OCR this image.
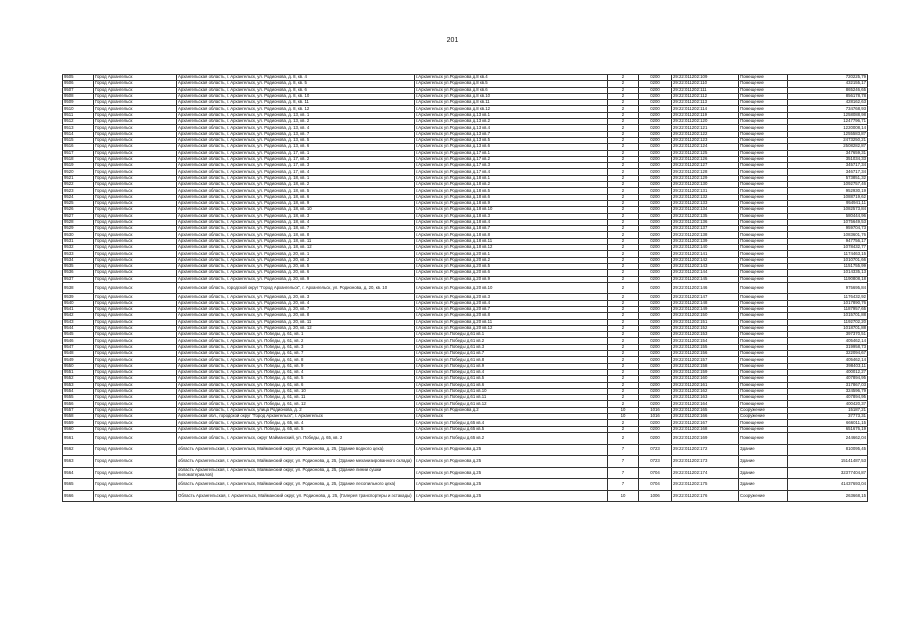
201
9505	Город Архангельск	Архангельская область, г. Архангельск, ул. Родионова, д. 8, кв. 4	г.Архангельск ул.Родионова д.8 кв.4	2	0200	29:22:011202:109	Помещение	720225,79
9506	Город Архангельск	Архангельская область, г. Архангельск, ул. Родионова, д. 8, кв. 5	г.Архангельск ул.Родионова д.8 кв.5	2	0200	29:22:011202:110	Помещение	432155,17
9507	Город Архангельск	Архангельская область, г. Архангельск, ул. Родионова, д. 8, кв. 6	г.Архангельск ул.Родионова д.8 кв.6	2	0200	29:22:011202:111	Помещение	865246,65
9508	Город Архангельск	Архангельская область, г. Архангельск, ул. Родионова, д. 8, кв. 10	г.Архангельск ул.Родионова д.8 кв.10	2	0200	29:22:011202:112	Помещение	856178,78
9509	Город Архангельск	Архангельская область, г. Архангельск, ул. Родионова, д. 8, кв. 11	г.Архангельск ул.Родионова д.8 кв.11	2	0200	29:22:011202:113	Помещение	428162,63
9510	Город Архангельск	Архангельская область, г. Архангельск, ул. Родионова, д. 8, кв. 12	г.Архангельск ул.Родионова д.8 кв.12	2	0200	29:22:011202:114	Помещение	734768,93
9511	Город Архангельск	Архангельская область, г. Архангельск, ул. Родионова, д. 13, кв. 1	г.Архангельск ул.Родионова д.13 кв.1	2	0200	29:22:011202:119	Помещение	1258088,98
9512	Город Архангельск	Архангельская область, г. Архангельск, ул. Родионова, д. 13, кв. 2	г.Архангельск ул.Родионова д.13 кв.2	2	0200	29:22:011202:120	Помещение	1247796,71
9513	Город Архангельск	Архангельская область, г. Архангельск, ул. Родионова, д. 13, кв. 4	г.Архангельск ул.Родионова д.13 кв.4	2	0200	29:22:011202:121	Помещение	1220008,14
9514	Город Архангельск	Архангельская область, г. Архангельск, ул. Родионова, д. 13, кв. 7	г.Архангельск ул.Родионова д.13 кв.7	2	0200	29:22:011202:122	Помещение	1255583,87
9515	Город Архангельск	Архангельская область, г. Архангельск, ул. Родионова, д. 13, кв. 5	г.Архангельск ул.Родионова д.13 кв.5	2	0200	29:22:011202:123	Помещение	2473250,21
9516	Город Архангельск	Архангельская область, г. Архангельск, ул. Родионова, д. 13, кв. 6	г.Архангельск ул.Родионова д.13 кв.6	2	0200	29:22:011202:124	Помещение	2508282,87
9517	Город Архангельск	Архангельская область, г. Архангельск, ул. Родионова, д. 17, кв. 1	г.Архангельск ул.Родионова д.17 кв.1	2	0200	29:22:011202:125	Помещение	347659,31
9518	Город Архангельск	Архангельская область, г. Архангельск, ул. Родионова, д. 17, кв. 2	г.Архангельск ул.Родионова д.17 кв.2	2	0200	29:22:011202:126	Помещение	351034,33
9519	Город Архангельск	Архангельская область, г. Архангельск, ул. Родионова, д. 17, кв. 3	г.Архангельск ул.Родионова д.17 кв.3	2	0200	29:22:011202:127	Помещение	345717,34
9520	Город Архангельск	Архангельская область, г. Архангельск, ул. Родионова, д. 17, кв. 4	г.Архангельск ул.Родионова д.17 кв.4	2	0200	29:22:011202:128	Помещение	346717,34
9521	Город Архангельск	Архангельская область, г. Архангельск, ул. Родионова, д. 18, кв. 1	г.Архангельск ул.Родионова д.18 кв.1	2	0200	29:22:011202:129	Помещение	573851,32
9522	Город Архангельск	Архангельская область, г. Архангельск, ул. Родионова, д. 18, кв. 2	г.Архангельск ул.Родионова д.18 кв.2	2	0200	29:22:011202:130	Помещение	1092757,46
9523	Город Архангельск	Архангельская область, г. Архангельск, ул. Родионова, д. 18, кв. 5	г.Архангельск ул.Родионова д.18 кв.5	2	0200	29:22:011202:131	Помещение	952930,19
9524	Город Архангельск	Архангельская область, г. Архангельск, ул. Родионова, д. 18, кв. 6	г.Архангельск ул.Родионова д.18 кв.6	2	0200	29:22:011202:132	Помещение	1088719,62
9525	Город Архангельск	Архангельская область, г. Архангельск, ул. Родионова, д. 18, кв. 9	г.Архангельск ул.Родионова д.18 кв.9	2	0200	29:22:011202:133	Помещение	954941,11
9526	Город Архангельск	Архангельская область, г. Архангельск, ул. Родионова, д. 18, кв. 10	г.Архангельск ул.Родионова д.18 кв.10	2	0200	29:22:011202:134	Помещение	1082573,84
9527	Город Архангельск	Архангельская область, г. Архангельск, ул. Родионова, д. 18, кв. 3	г.Архангельск ул.Родионова д.18 кв.3	2	0200	29:22:011202:135	Помещение	580444,96
9528	Город Архангельск	Архангельская область, г. Архангельск, ул. Родионова, д. 18, кв. 4	г.Архангельск ул.Родионова д.18 кв.4	2	0200	29:22:011202:136	Помещение	1075649,53
9529	Город Архангельск	Архангельская область, г. Архангельск, ул. Родионова, д. 18, кв. 7	г.Архангельск ул.Родионова д.18 кв.7	2	0200	29:22:011202:137	Помещение	959704,73
9530	Город Архангельск	Архангельская область, г. Архангельск, ул. Родионова, д. 18, кв. 8	г.Архангельск ул.Родионова д.18 кв.8	2	0200	29:22:011202:138	Помещение	1083601,76
9531	Город Архангельск	Архангельская область, г. Архангельск, ул. Родионова, д. 18, кв. 11	г.Архангельск ул.Родионова д.18 кв.11	2	0200	29:22:011202:139	Помещение	947756,17
9532	Город Архангельск	Архангельская область, г. Архангельск, ул. Родионова, д. 18, кв. 12	г.Архангельск ул.Родионова д.18 кв.12	2	0200	29:22:011202:140	Помещение	1078432,77
9533	Город Архангельск	Архангельская область, г. Архангельск, ул. Родионова, д. 20, кв. 1	г.Архангельск ул.Родионова д.20 кв.1	2	0200	29:22:011202:141	Помещение	1174463,15
9534	Город Архангельск	Архангельская область, г. Архангельск, ул. Родионова, д. 20, кв. 2	г.Архангельск ул.Родионова д.20 кв.2	2	0200	29:22:011202:142	Помещение	1010701,66
9535	Город Архангельск	Архангельская область, г. Архангельск, ул. Родионова, д. 20, кв. 5	г.Архангельск ул.Родионова д.20 кв.5	2	0200	29:22:011202:143	Помещение	1151755,99
9536	Город Архангельск	Архангельская область, г. Архангельск, ул. Родионова, д. 20, кв. 6	г.Архангельск ул.Родионова д.20 кв.6	2	0200	29:22:011202:144	Помещение	1014335,13
9537	Город Архангельск	Архангельская область, г. Архангельск, ул. Родионова, д. 20, кв. 9	г.Архангельск ул.Родионова д.20 кв.9	2	0200	29:22:011202:145	Помещение	1190808,18
9538	Город Архангельск	Архангельская область, городской округ "Город Архангельск", г. Архангельск, ул. Родионова, д. 20, кв. 10	г.Архангельск ул.Родионова д.20 кв.10	2	0200	29:22:011202:146	Помещение	975695,84
9539	Город Архангельск	Архангельская область, г. Архангельск, ул. Родионова, д. 20, кв. 3	г.Архангельск ул.Родионова д.20 кв.3	2	0200	29:22:011202:147	Помещение	1176432,92
9540	Город Архангельск	Архангельская область, г. Архангельск, ул. Родионова, д. 20, кв. 4	г.Архангельск ул.Родионова д.20 кв.4	2	0200	29:22:011202:148	Помещение	1017890,76
9541	Город Архангельск	Архангельская область, г. Архангельск, ул. Родионова, д. 20, кв. 7	г.Архангельск ул.Родионова д.20 кв.7	2	0200	29:22:011202:149	Помещение	1187957,65
9542	Город Архангельск	Архангельская область, г. Архангельск, ул. Родионова, д. 20, кв. 8	г.Архангельск ул.Родионова д.20 кв.8	2	0200	29:22:011202:150	Помещение	1015701,88
9543	Город Архангельск	Архангельская область, г. Архангельск, ул. Родионова, д. 20, кв. 11	г.Архангельск ул.Родионова д.20 кв.11	2	0200	29:22:011202:151	Помещение	1192702,20
9544	Город Архангельск	Архангельская область, г. Архангельск, ул. Родионова, д. 20, кв. 12	г.Архангельск ул.Родионова д.20 кв.12	2	0200	29:22:011202:152	Помещение	1018701,88
9545	Город Архангельск	Архангельская область, г. Архангельск, ул. Победы, д. 61, кв. 1	г.Архангельск ул.Победы д.61 кв.1	2	0200	29:22:011202:153	Помещение	397370,51
9546	Город Архангельск	Архангельская область, г. Архангельск, ул. Победы, д. 61, кв. 2	г.Архангельск ул.Победы д.61 кв.2	2	0200	29:22:011202:154	Помещение	405462,14
9547	Город Архангельск	Архангельская область, г. Архангельск, ул. Победы, д. 61, кв. 3	г.Архангельск ул.Победы д.61 кв.3	2	0200	29:22:011202:155	Помещение	319958,73
9548	Город Архангельск	Архангельская область, г. Архангельск, ул. Победы, д. 61, кв. 7	г.Архангельск ул.Победы д.61 кв.7	2	0200	29:22:011202:156	Помещение	322094,67
9549	Город Архангельск	Архангельская область, г. Архангельск, ул. Победы, д. 61, кв. 8	г.Архангельск ул.Победы д.61 кв.8	2	0200	29:22:011202:157	Помещение	405462,14
9550	Город Архангельск	Архангельская область, г. Архангельск, ул. Победы, д. 61, кв. 9	г.Архангельск ул.Победы д.61 кв.9	2	0200	29:22:011202:158	Помещение	398403,11
9551	Город Архангельск	Архангельская область, г. Архангельск, ул. Победы, д. 61, кв. 4	г.Архангельск ул.Победы д.61 кв.4	2	0200	29:22:011202:159	Помещение	400012,27
9552	Город Архангельск	Архангельская область, г. Архангельск, ул. Победы, д. 61, кв. 5	г.Архангельск ул.Победы д.61 кв.5	2	0200	29:22:011202:160	Помещение	407894,95
9553	Город Архангельск	Архангельская область, г. Архангельск, ул. Победы, д. 61, кв. 6	г.Архангельск ул.Победы д.61 кв.6	2	0200	29:22:011202:161	Помещение	317867,03
9554	Город Архангельск	Архангельская область, г. Архангельск, ул. Победы, д. 61, кв. 10	г.Архангельск ул.Победы д.61 кв.10	2	0200	29:22:011202:162	Помещение	324596,79
9555	Город Архангельск	Архангельская область, г. Архангельск, ул. Победы, д. 61, кв. 11	г.Архангельск ул.Победы д.61 кв.11	2	0200	29:22:011202:163	Помещение	407894,95
9556	Город Архангельск	Архангельская область, г. Архангельск, ул. Победы, д. 61, кв. 12	г.Архангельск ул.Победы д.61 кв.12	2	0200	29:22:011202:164	Помещение	400420,37
9557	Город Архангельск	Архангельская область, г. Архангельск, улица Родионова, д. 2	г.Архангельск ул.Родионова д.2	10	1016	29:22:011202:165	Сооружение	15187,21
9558	Город Архангельск	Архангельская обл., городской округ "Город Архангельск", г. Архангельск	г.Архангельск	10	1016	29:22:011202:166	Сооружение	37773,31
9559	Город Архангельск	Архангельская область, г. Архангельск, ул. Победы, д. 65, кв. 4	г.Архангельск ул.Победы д.65 кв.4	2	0200	29:22:011202:167	Помещение	666011,15
9560	Город Архангельск	Архангельская область, г. Архангельск, ул. Победы, д. 65, кв. 5	г.Архангельск ул.Победы д.65 кв.5	2	0200	29:22:011202:168	Помещение	651676,19
9561	Город Архангельск	Архангельская область, г. Архангельск, округ Майманский, ул. Победы, д. 65, кв. 2	г.Архангельск ул.Победы д.65 кв.2	2	0200	29:22:011202:169	Помещение	244662,04
9562	Город Архангельск	область Архангельская, г. Архангельск, Майманский округ, ул. Родионова, д. 25, (Здание водного цеха)	г.Архангельск ул.Родионова д.25	7	0723	29:22:011202:172	Здание	810095,45
9563	Город Архангельск	область Архангельская, г. Архангельск, Майманский округ, ул. Родионова, д. 25, (Здание механизированного склада)	г.Архангельск ул.Родионова д.25	7	0723	29:22:011202:173	Здание	15141487,53
9564	Город Архангельск	область Архангельская, г. Архангельск, Майманский округ, ул. Родионова, д. 25, (Здание линии сушки пиломатериалов)	г.Архангельск ул.Родионова д.25	7	0704	29:22:011202:174	Здание	32377404,87
9565	Город Архангельск	область Архангельская, г. Архангельск, Майманский округ, ул. Родионова, д. 25, (Здание лесопильного цеха)	г.Архангельск ул.Родионова д.25	7	0704	29:22:011202:175	Здание	41437693,04
9566	Город Архангельск	Область Архангельская, г. Архангельск, Майманский округ, ул. Родионова, д. 25, (Галерея транспортеры и эстакады)	г.Архангельск ул.Родионова д.25	10	1006	29:22:011202:176	Сооружение	263668,15
